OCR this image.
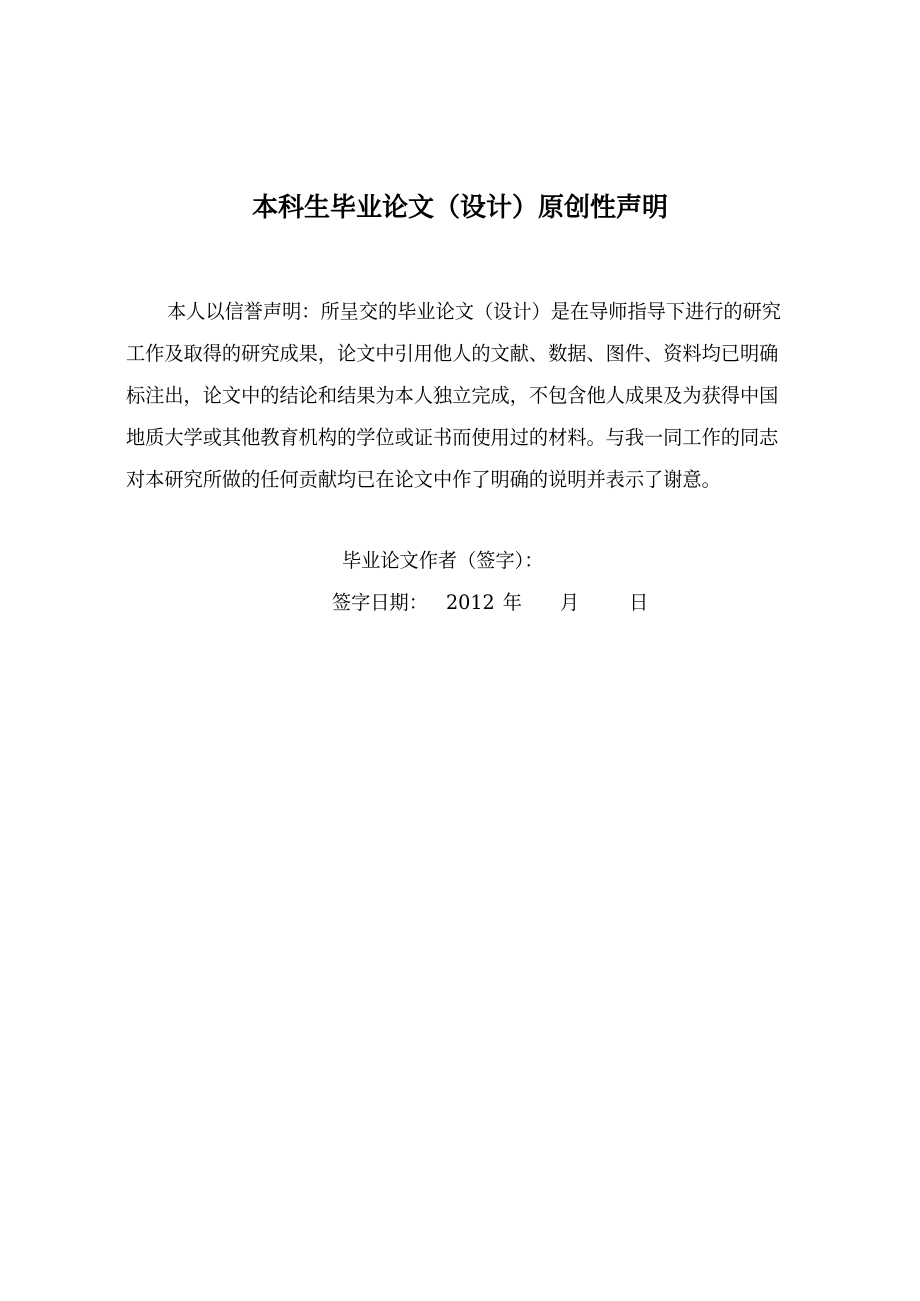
本科生毕业论文（设计）原创性声明
本人以信誉声明：所呈交的毕业论文（设计）是在导师指导下进行的研究
工作及取得的研究成果，论文中引用他人的文献、数据、图件、资料均已明确
标注出，论文中的结论和结果为本人独立完成，不包含他人成果及为获得中国
地质大学或其他教育机构的学位或证书而使用过的材料。与我一同工作的同志
对本研究所做的任何贡献均已在论文中作了明确的说明并表示了谢意。
毕业论文作者（签字）：
签字日期： 2012 年 月	日
